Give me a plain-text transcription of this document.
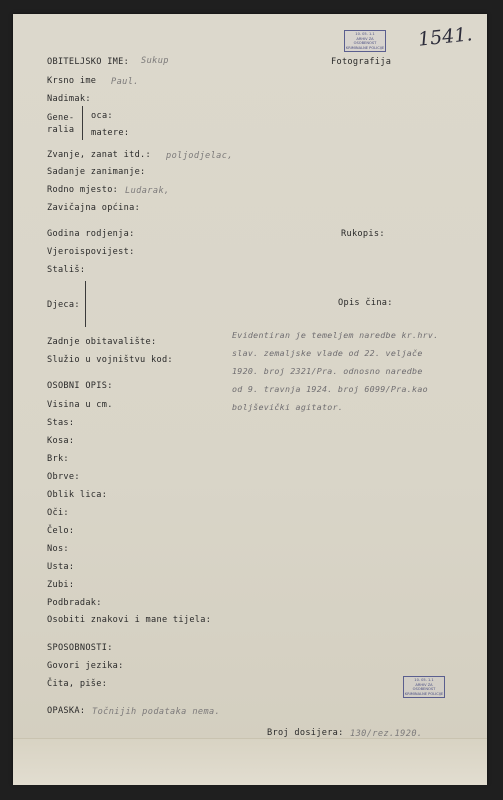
10. 05. 1.1
ARHIV ZA OSOBENOST
KRIMINALNE POLICIJE
10. 05. 1.1
ARHIV ZA OSOBENOST
KRIMINALNE POLICIJE
1541.
OBITELJSKO IME: Sukup	Fotografija
Krsno ime Paul.
Nadimak:
Gene-
ralia
oca:
matere:
Zvanje, zanat itd.: poljodjelac,
Sadanje zanimanje:
Rodno mjesto: Ludarak,
Zavičajna općina:
Godina rodjenja:	Rukopis:
Vjeroispovijest:
Stališ:
Djeca:	Opis čina:
Zadnje obitavalište:
Služio u vojništvu kod:
Evidentiran je temeljem naredbe kr.hrv.
slav. zemaljske vlade od 22. veljače
1920. broj 2321/Pra. odnosno naredbe
od 9. travnja 1924. broj 6099/Pra.kao
boljševički agitator.
OSOBNI OPIS:
Visina u cm.
Stas:
Kosa:
Brk:
Obrve:
Oblik lica:
Oči:
Čelo:
Nos:
Usta:
Zubi:
Podbradak:
Osobiti znakovi i mane tijela:
SPOSOBNOSTI:
Govori jezika:
Čita, piše:
OPASKA: Točnijih podataka nema.
Broj dosijera: 130/rez.1920.
